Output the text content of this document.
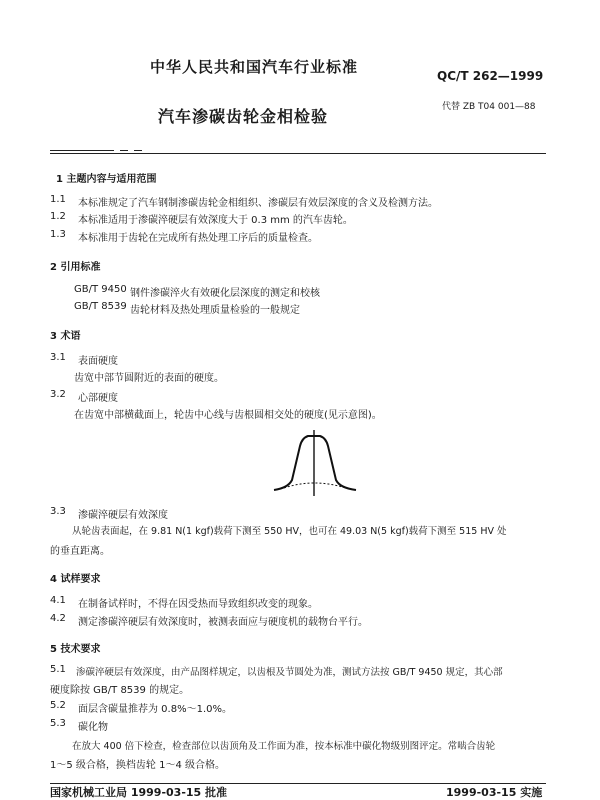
中华人民共和国汽车行业标准	QC/T 262—1999
汽车渗碳齿轮金相检验	代替 ZB T04 001—88
1 主题内容与适用范围
1.1 本标准规定了汽车钢制渗碳齿轮金相组织、渗碳层有效层深度的含义及检测方法。
1.2 本标准适用于渗碳淬硬层有效深度大于 0.3 mm 的汽车齿轮。
1.3 本标准用于齿轮在完成所有热处理工序后的质量检查。
2 引用标准
GB/T 9450 钢件渗碳淬火有效硬化层深度的测定和校核
GB/T 8539 齿轮材料及热处理质量检验的一般规定
3 术语
3.1 表面硬度
齿宽中部节圆附近的表面的硬度。
3.2 心部硬度
在齿宽中部横截面上，轮齿中心线与齿根圆相交处的硬度(见示意图)。
3.3 渗碳淬硬层有效深度
从轮齿表面起，在 9.81 N(1 kgf)载荷下测至 550 HV，也可在 49.03 N(5 kgf)载荷下测至 515 HV 处
的垂直距离。
4 试样要求
4.1 在制备试样时，不得在因受热而导致组织改变的现象。
4.2 测定渗碳淬硬层有效深度时，被测表面应与硬度机的载物台平行。
5 技术要求
5.1 渗碳淬硬层有效深度，由产品图样规定，以齿根及节圆处为准，测试方法按 GB/T 9450 规定，其心部
硬度除按 GB/T 8539 的规定。
5.2 面层含碳量推荐为 0.8%～1.0%。
5.3 碳化物
在放大 400 倍下检查，检查部位以齿顶角及工作面为准，按本标准中碳化物级别图评定。常啮合齿轮
1～5 级合格，换档齿轮 1～4 级合格。
国家机械工业局 1999-03-15 批准	1999-03-15 实施
